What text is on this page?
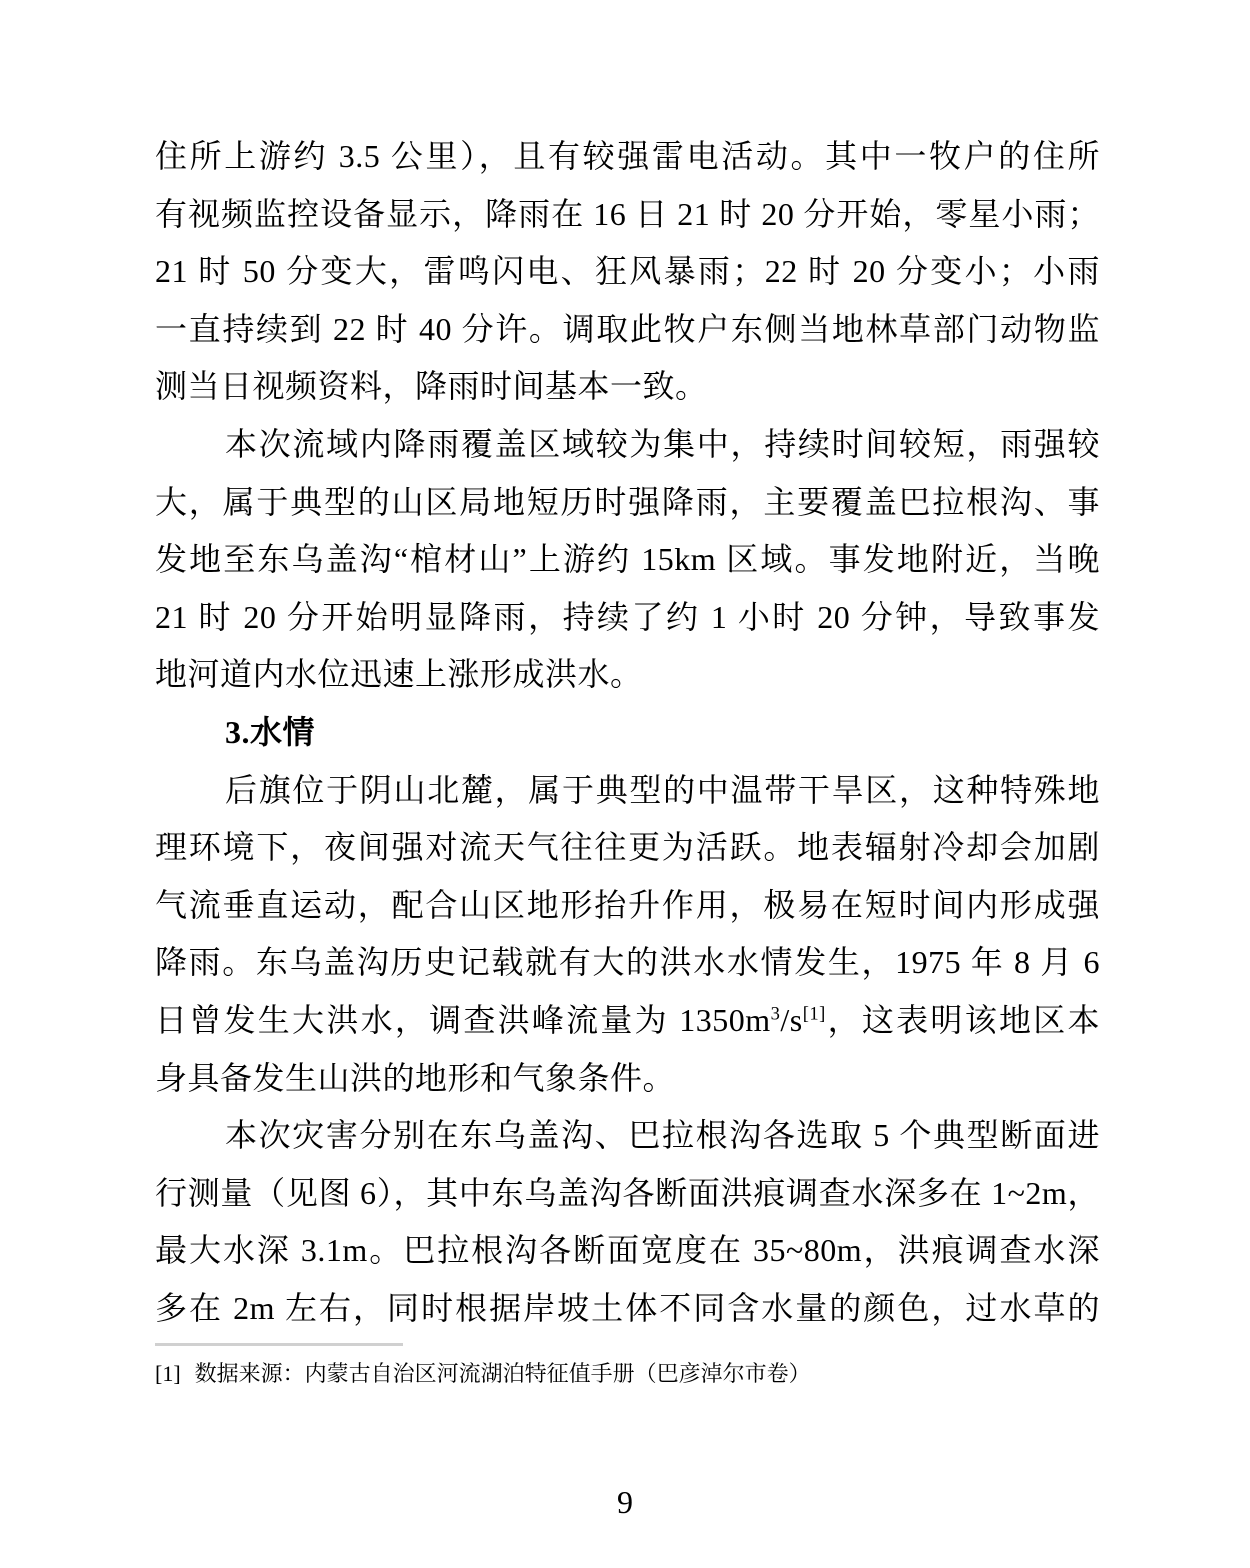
住所上游约 3.5 公里），且有较强雷电活动。其中一牧户的住所
有视频监控设备显示，降雨在 16 日 21 时 20 分开始，零星小雨；
21 时 50 分变大，雷鸣闪电、狂风暴雨；22 时 20 分变小；小雨
一直持续到 22 时 40 分许。调取此牧户东侧当地林草部门动物监
测当日视频资料，降雨时间基本一致。
本次流域内降雨覆盖区域较为集中，持续时间较短，雨强较
大，属于典型的山区局地短历时强降雨，主要覆盖巴拉根沟、事
发地至东乌盖沟“棺材山”上游约 15km 区域。事发地附近，当晚
21 时 20 分开始明显降雨，持续了约 1 小时 20 分钟，导致事发
地河道内水位迅速上涨形成洪水。
3.水情
后旗位于阴山北麓，属于典型的中温带干旱区，这种特殊地
理环境下，夜间强对流天气往往更为活跃。地表辐射冷却会加剧
气流垂直运动，配合山区地形抬升作用，极易在短时间内形成强
降雨。东乌盖沟历史记载就有大的洪水水情发生，1975 年 8 月 6
日曾发生大洪水，调查洪峰流量为 $1350m^3/s[1]$，这表明该地区本
身具备发生山洪的地形和气象条件。
本次灾害分别在东乌盖沟、巴拉根沟各选取 5 个典型断面进
行测量（见图 6），其中东乌盖沟各断面洪痕调查水深多在 1~2m，
最大水深 3.1m。巴拉根沟各断面宽度在 35~80m，洪痕调查水深
多在 2m 左右，同时根据岸坡土体不同含水量的颜色，过水草的
[1] 数据来源：内蒙古自治区河流湖泊特征值手册（巴彦淖尔市卷）
9
